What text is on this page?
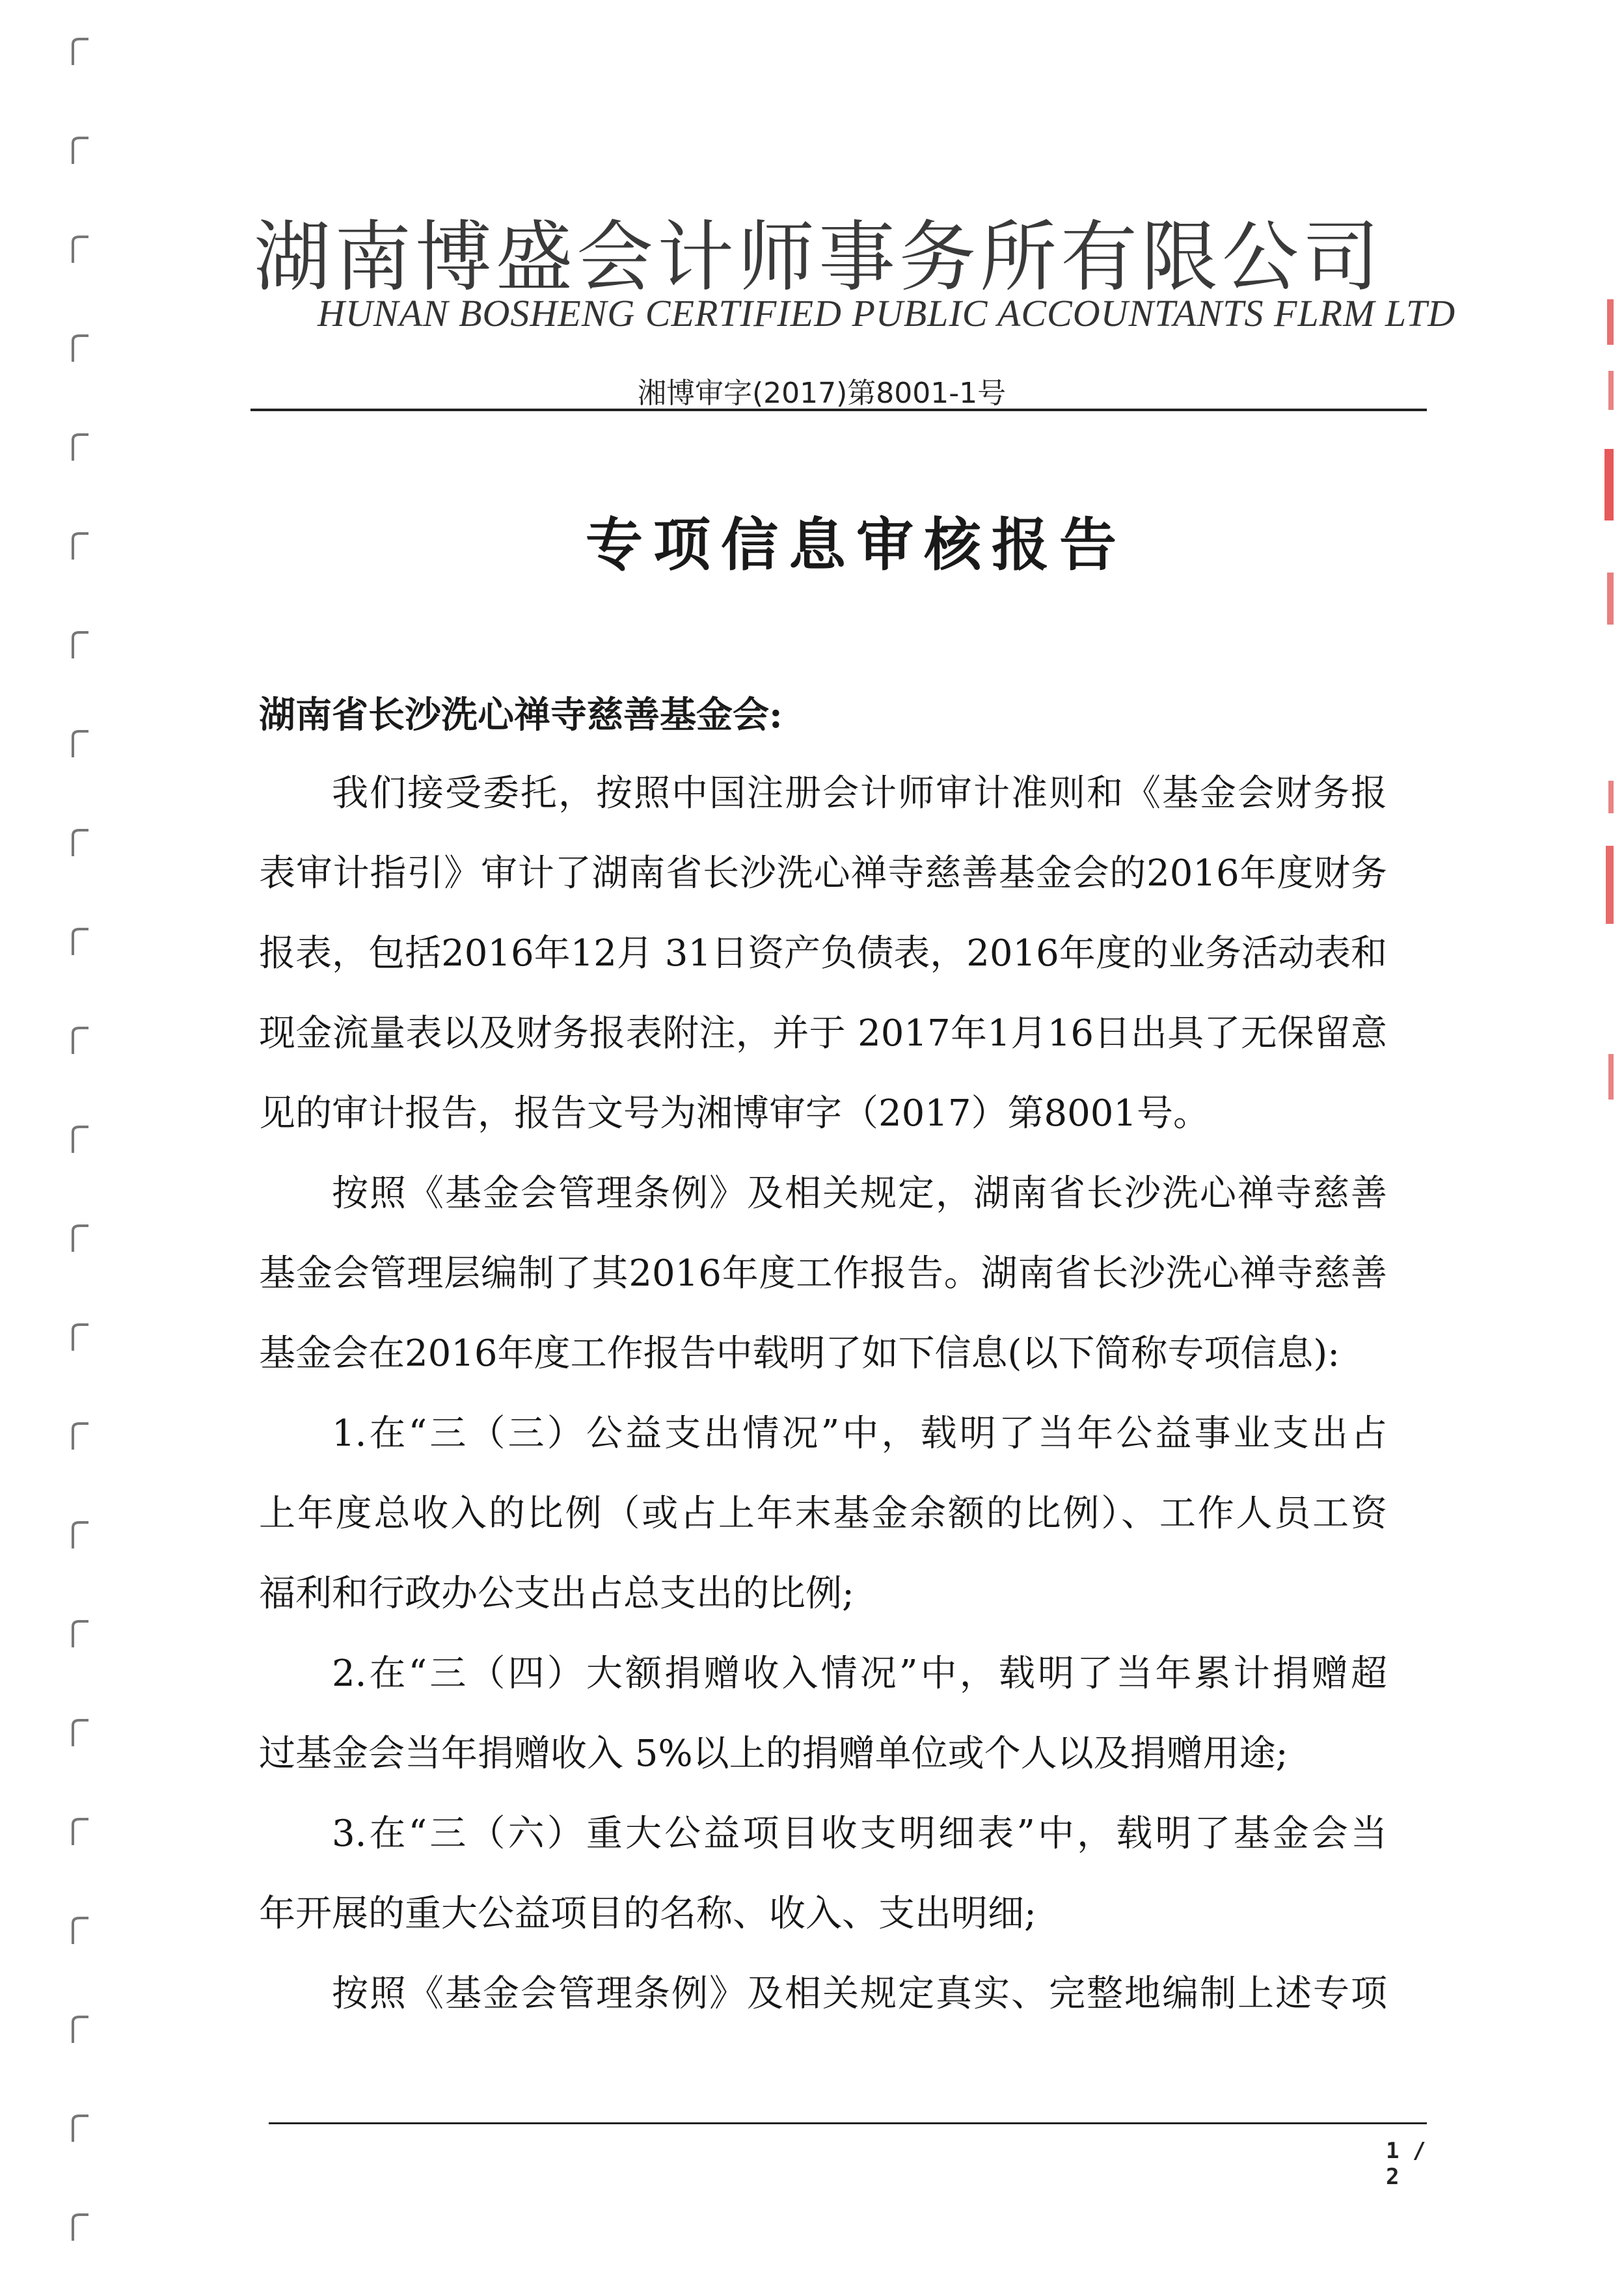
湖南博盛会计师事务所有限公司
HUNAN BOSHENG CERTIFIED PUBLIC ACCOUNTANTS FLRM LTD
湘博审字(2017)第8001-1号
专项信息审核报告
湖南省长沙洗心禅寺慈善基金会:
我们接受委托，按照中国注册会计师审计准则和《基金会财务报
表审计指引》审计了湖南省长沙洗心禅寺慈善基金会的2016年度财务
报表，包括2016年12月 31日资产负债表，2016年度的业务活动表和
现金流量表以及财务报表附注，并于 2017年1月16日出具了无保留意
见的审计报告，报告文号为湘博审字（2017）第8001号。
按照《基金会管理条例》及相关规定，湖南省长沙洗心禅寺慈善
基金会管理层编制了其2016年度工作报告。湖南省长沙洗心禅寺慈善
基金会在2016年度工作报告中载明了如下信息(以下简称专项信息):
1.在“三（三）公益支出情况”中，载明了当年公益事业支出占
上年度总收入的比例（或占上年末基金余额的比例）、工作人员工资
福利和行政办公支出占总支出的比例;
2.在“三（四）大额捐赠收入情况”中，载明了当年累计捐赠超
过基金会当年捐赠收入 5%以上的捐赠单位或个人以及捐赠用途;
3.在“三（六）重大公益项目收支明细表”中，载明了基金会当
年开展的重大公益项目的名称、收入、支出明细;
按照《基金会管理条例》及相关规定真实、完整地编制上述专项
1 / 2
